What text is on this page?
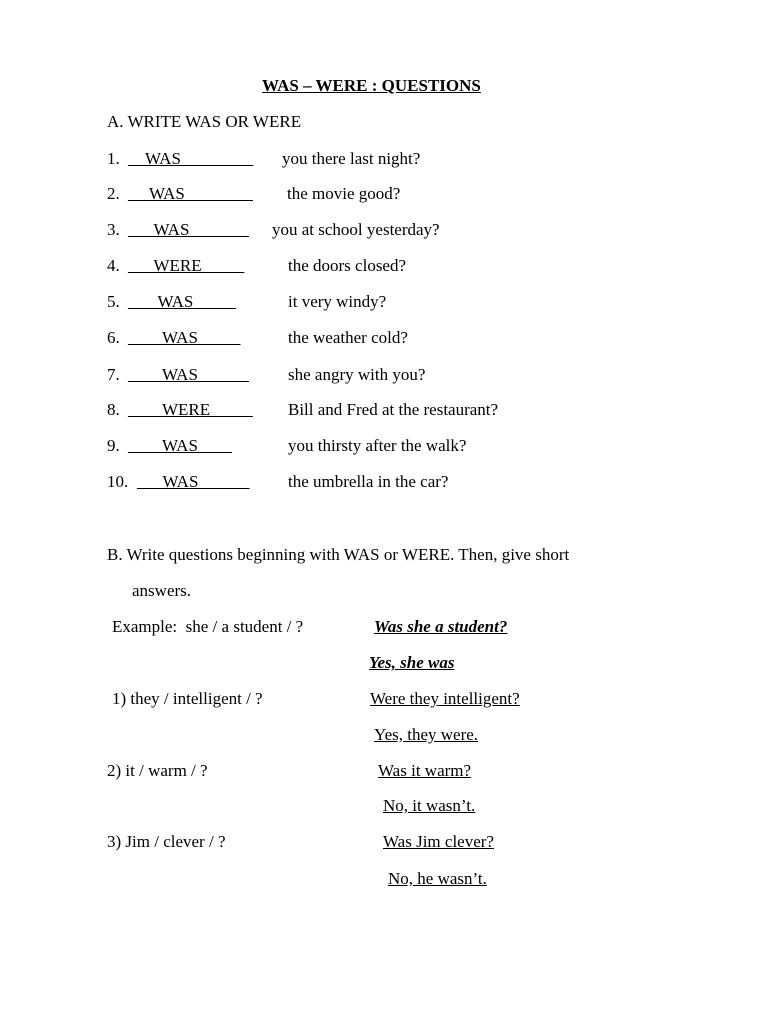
WAS – WERE : QUESTIONS
A. WRITE WAS OR WERE
1. __WAS ________ you there last night?
2. __ WAS________ the movie good?
3. ___WAS_______ you at school yesterday?
4. ___WERE_____	the doors closed?
5. ___ WAS_____	it very windy?
6. ____WAS_____	the weather cold?
7. ____WAS______ she angry with you?
8. ____WERE_____ Bill and Fred at the restaurant?
9. ____WAS____	you thirsty after the walk?
10. ___WAS______ the umbrella in the car?
B. Write questions beginning with WAS or WERE. Then, give short
answers.
Example:  she / a student / ?	Was she a student?
Yes, she was
1) they / intelligent / ?	Were they intelligent?
Yes, they were.
2) it / warm / ?	Was it warm?
No, it wasn’t.
3) Jim / clever / ?	Was Jim clever?
No, he wasn’t.
